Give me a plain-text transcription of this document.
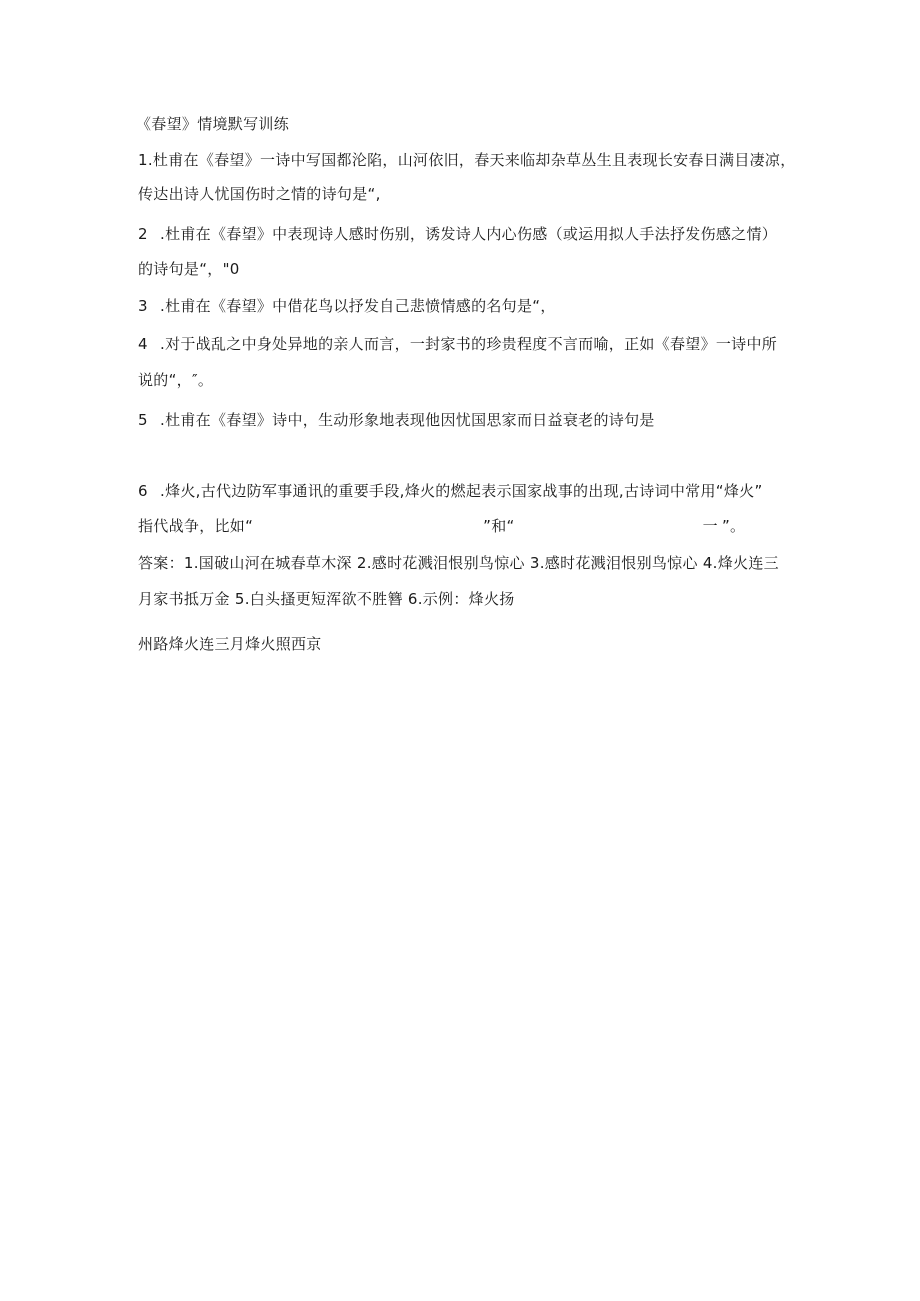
《春望》情境默写训练
1.杜甫在《春望》一诗中写国都沦陷，山河依旧，春天来临却杂草丛生且表现长安春日满目凄凉，
传达出诗人忧国伤时之情的诗句是“,
2 .杜甫在《春望》中表现诗人感时伤别，诱发诗人内心伤感（或运用拟人手法抒发伤感之情）
的诗句是“，"0
3 .杜甫在《春望》中借花鸟以抒发自己悲愤情感的名句是“，
4 .对于战乱之中身处异地的亲人而言，一封家书的珍贵程度不言而喻，正如《春望》一诗中所
说的“，″。
5 .杜甫在《春望》诗中，生动形象地表现他因忧国思家而日益衰老的诗句是
6 .烽火,古代边防军事通讯的重要手段,烽火的燃起表示国家战事的出现,古诗词中常用“烽火”
指代战争，比如“	”和“	一 ”。
答案：1.国破山河在城春草木深 2.感时花溅泪恨别鸟惊心 3.感时花溅泪恨别鸟惊心 4.烽火连三
月家书抵万金 5.白头搔更短浑欲不胜簪 6.示例：烽火扬
州路烽火连三月烽火照西京
